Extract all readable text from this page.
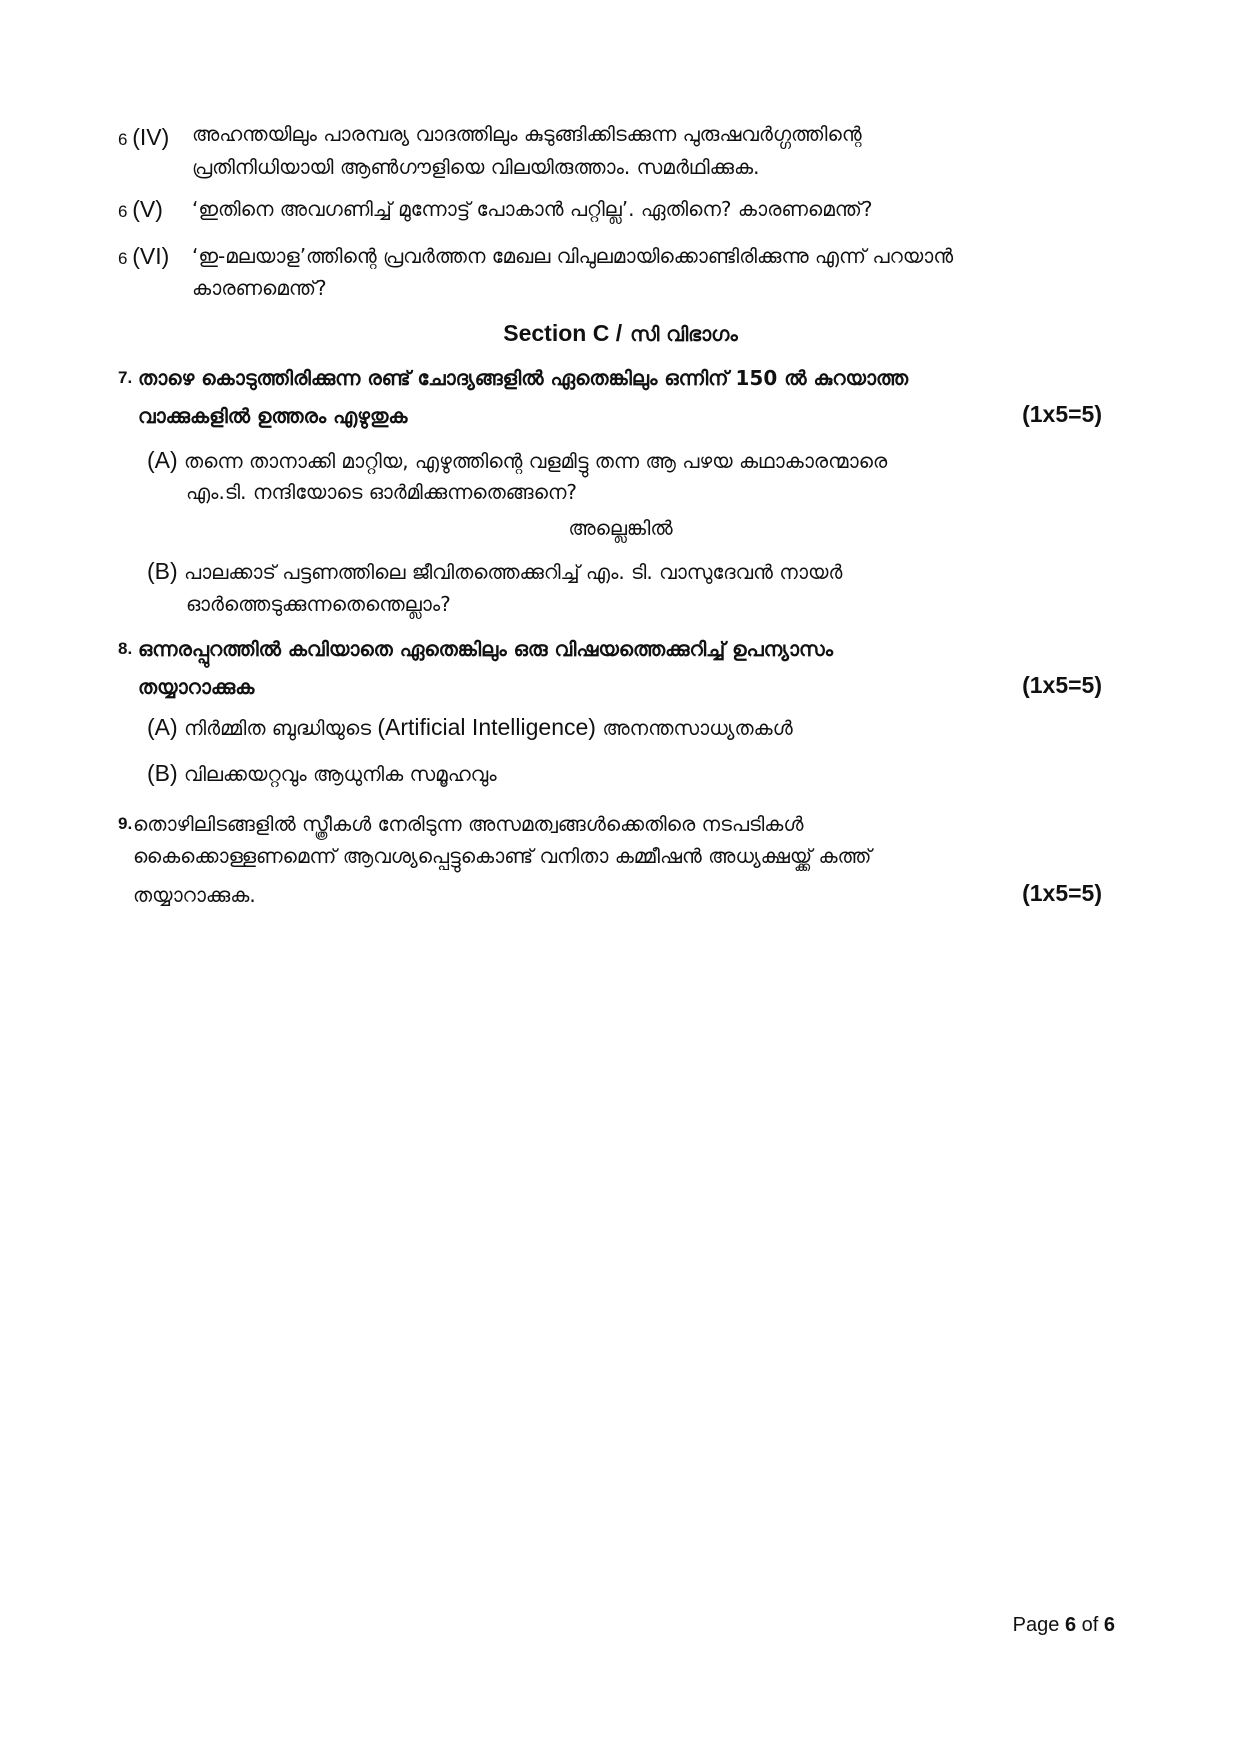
6 (IV) അഹന്തയിലും പാരമ്പര്യ വാദത്തിലും കുടുങ്ങിക്കിടക്കുന്ന പുരുഷവർഗ്ഗത്തിന്റെ
പ്രതിനിധിയായി ആൺഗൗളിയെ വിലയിരുത്താം. സമർഥിക്കുക.
6 (V) ‘ഇതിനെ അവഗണിച്ച് മുന്നോട്ട് പോകാൻ പറ്റില്ല’. ഏതിനെ? കാരണമെന്ത്?
6 (VI) ‘ഇ-മലയാള’ത്തിന്റെ പ്രവർത്തന മേഖല വിപുലമായിക്കൊണ്ടിരിക്കുന്നു എന്ന് പറയാൻ
കാരണമെന്ത്?
Section C / സി വിഭാഗം
7. താഴെ കൊടുത്തിരിക്കുന്ന രണ്ട് ചോദ്യങ്ങളിൽ ഏതെങ്കിലും ഒന്നിന് 150 ൽ കുറയാത്ത
വാക്കുകളിൽ ഉത്തരം എഴുതുക	(1x5=5)
(A) തന്നെ താനാക്കി മാറ്റിയ, എഴുത്തിന്റെ വളമിട്ടു തന്ന ആ പഴയ കഥാകാരന്മാരെ
എം.ടി. നന്ദിയോടെ ഓർമിക്കുന്നതെങ്ങനെ?
അല്ലെങ്കിൽ
(B) പാലക്കാട് പട്ടണത്തിലെ ജീവിതത്തെക്കുറിച്ച് എം. ടി. വാസുദേവൻ നായർ
ഓർത്തെടുക്കുന്നതെന്തെല്ലാം?
8. ഒന്നരപ്പുറത്തിൽ കവിയാതെ ഏതെങ്കിലും ഒരു വിഷയത്തെക്കുറിച്ച് ഉപന്യാസം
തയ്യാറാക്കുക	(1x5=5)
(A) നിർമ്മിത ബുദ്ധിയുടെ (Artificial Intelligence) അനന്തസാധ്യതകൾ
(B) വിലക്കയറ്റവും ആധുനിക സമൂഹവും
9. തൊഴിലിടങ്ങളിൽ സ്ത്രീകൾ നേരിടുന്ന അസമത്വങ്ങൾക്കെതിരെ നടപടികൾ
കൈക്കൊള്ളണമെന്ന് ആവശ്യപ്പെട്ടുകൊണ്ട് വനിതാ കമ്മീഷൻ അധ്യക്ഷയ്ക്ക് കത്ത്
തയ്യാറാക്കുക.	(1x5=5)
Page 6 of 6
